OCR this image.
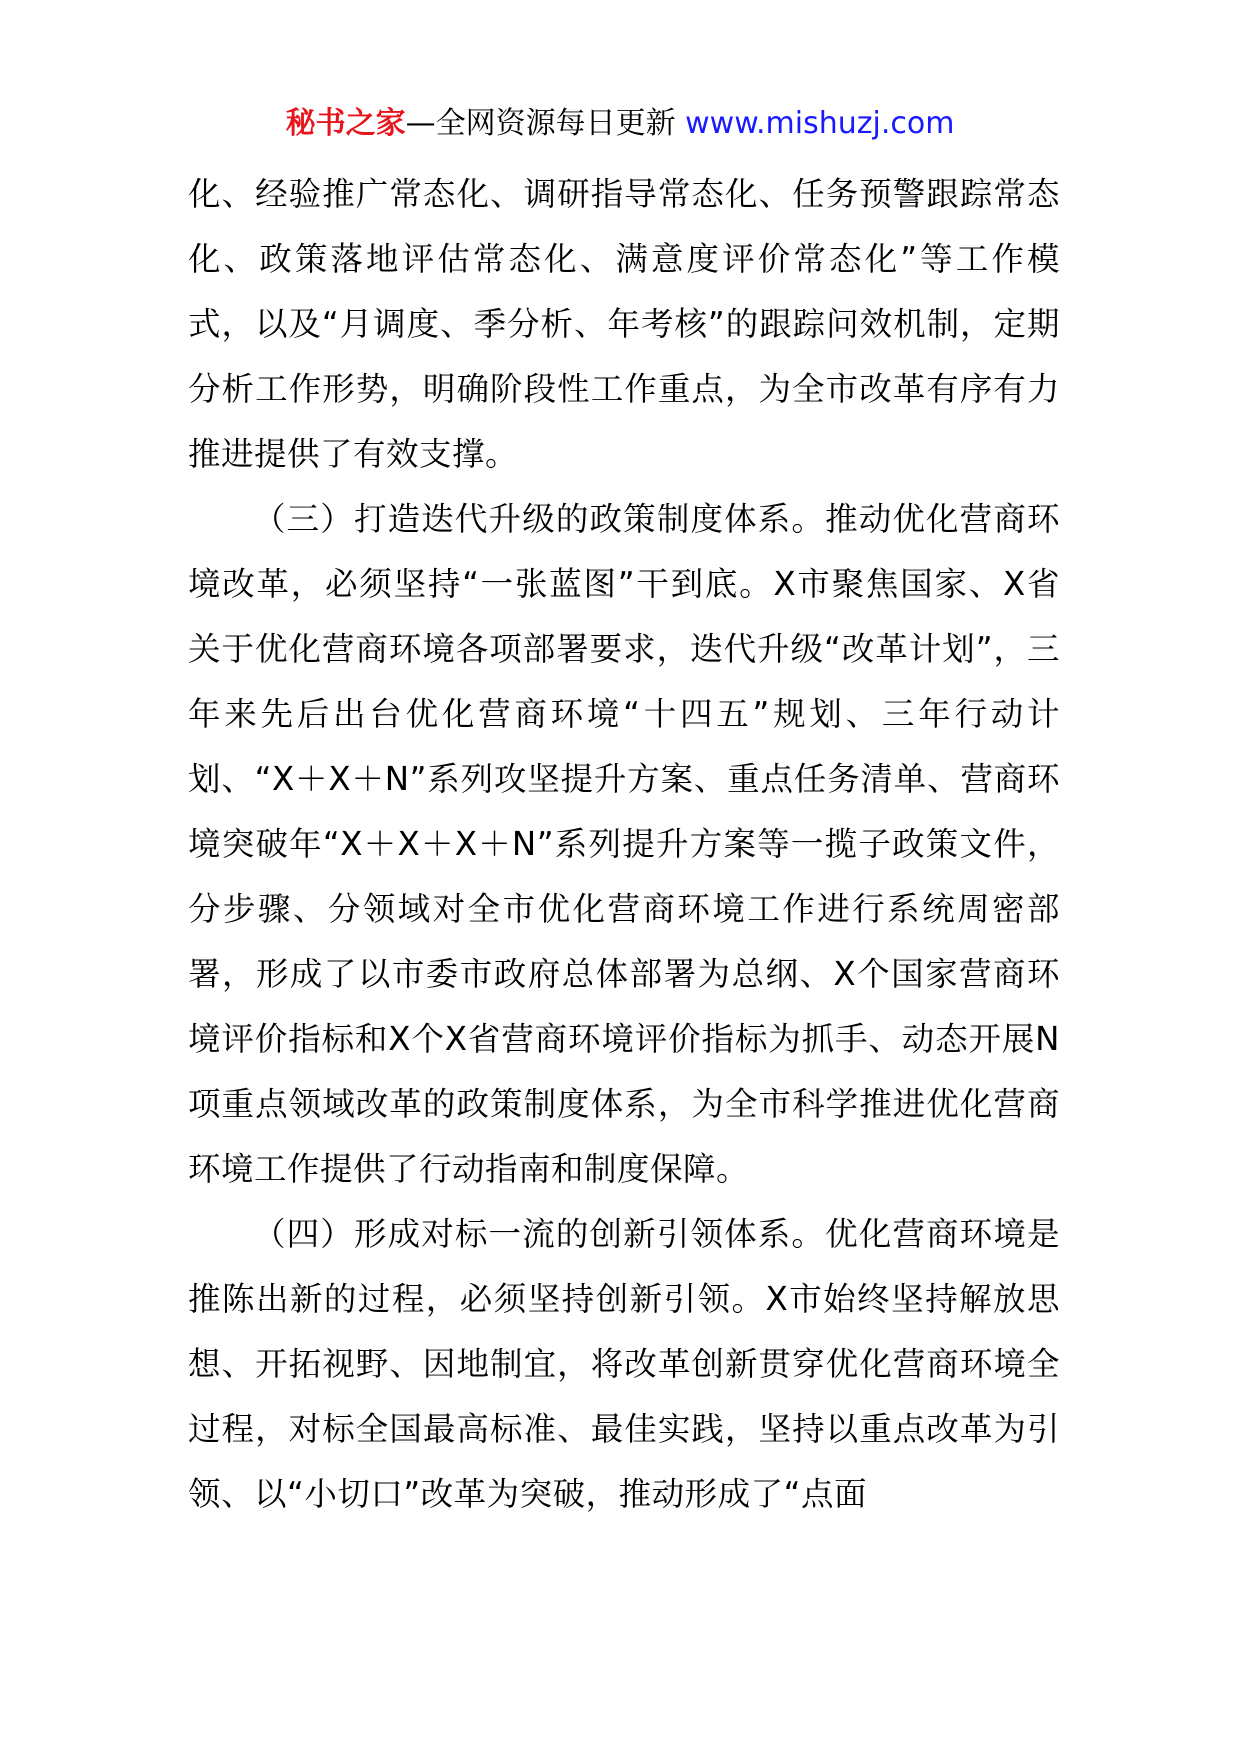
秘书之家—全网资源每日更新 www.mishuzj.com

化、经验推广常态化、调研指导常态化、任务预警跟踪常态化、政策落地评估常态化、满意度评价常态化”等工作模式，以及“月调度、季分析、年考核”的跟踪问效机制，定期分析工作形势，明确阶段性工作重点，为全市改革有序有力推进提供了有效支撑。

（三）打造迭代升级的政策制度体系。推动优化营商环境改革，必须坚持“一张蓝图”干到底。X市聚焦国家、X省关于优化营商环境各项部署要求，迭代升级“改革计划”，三年来先后出台优化营商环境“十四五”规划、三年行动计划、“X＋X＋N”系列攻坚提升方案、重点任务清单、营商环境突破年“X＋X＋X＋N”系列提升方案等一揽子政策文件，分步骤、分领域对全市优化营商环境工作进行系统周密部署，形成了以市委市政府总体部署为总纲、X个国家营商环境评价指标和X个X省营商环境评价指标为抓手、动态开展N项重点领域改革的政策制度体系，为全市科学推进优化营商环境工作提供了行动指南和制度保障。

（四）形成对标一流的创新引领体系。优化营商环境是推陈出新的过程，必须坚持创新引领。X市始终坚持解放思想、开拓视野、因地制宜，将改革创新贯穿优化营商环境全过程，对标全国最高标准、最佳实践，坚持以重点改革为引领、以“小切口”改革为突破，推动形成了“点面
